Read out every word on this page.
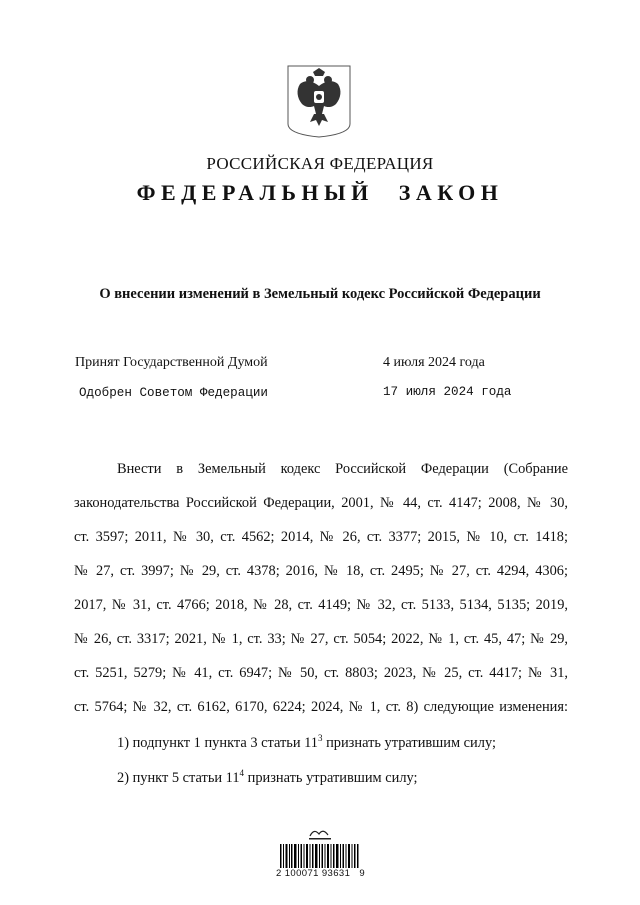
РОССИЙСКАЯ ФЕДЕРАЦИЯ
ФЕДЕРАЛЬНЫЙ ЗАКОН
О внесении изменений в Земельный кодекс Российской Федерации
Принят Государственной Думой	4 июля 2024 года
Одобрен Советом Федерации	17 июля 2024 года
Внести в Земельный кодекс Российской Федерации (Собрание
законодательства Российской Федерации, 2001, № 44, ст. 4147; 2008, № 30,
ст. 3597; 2011, № 30, ст. 4562; 2014, № 26, ст. 3377; 2015, № 10, ст. 1418;
№ 27, ст. 3997; № 29, ст. 4378; 2016, № 18, ст. 2495; № 27, ст. 4294, 4306;
2017, № 31, ст. 4766; 2018, № 28, ст. 4149; № 32, ст. 5133, 5134, 5135; 2019,
№ 26, ст. 3317; 2021, № 1, ст. 33; № 27, ст. 5054; 2022, № 1, ст. 45, 47; № 29,
ст. 5251, 5279; № 41, ст. 6947; № 50, ст. 8803; 2023, № 25, ст. 4417; № 31,
ст. 5764; № 32, ст. 6162, 6170, 6224; 2024, № 1, ст. 8) следующие изменения:
1) подпункт 1 пункта 3 статьи $11^3$ признать утратившим силу;
2) пункт 5 статьи $11^4$ признать утратившим силу;
2 100071 93631   9
